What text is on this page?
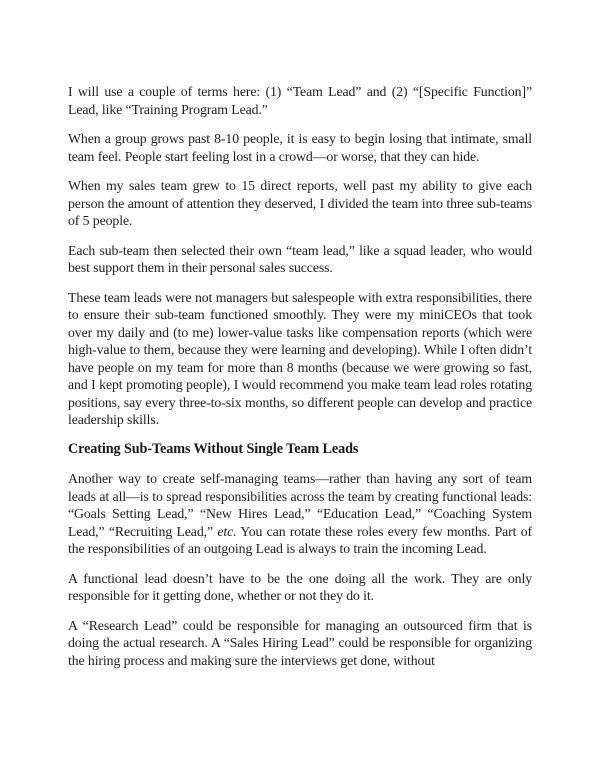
I will use a couple of terms here: (1) “Team Lead” and (2) “[Specific Function]” Lead, like “Training Program Lead.”

When a group grows past 8-10 people, it is easy to begin losing that intimate, small team feel. People start feeling lost in a crowd—or worse, that they can hide.

When my sales team grew to 15 direct reports, well past my ability to give each person the amount of attention they deserved, I divided the team into three sub-teams of 5 people.

Each sub-team then selected their own “team lead,” like a squad leader, who would best support them in their personal sales success.

These team leads were not managers but salespeople with extra responsibilities, there to ensure their sub-team functioned smoothly. They were my miniCEOs that took over my daily and (to me) lower-value tasks like compensation reports (which were high-value to them, because they were learning and developing). While I often didn’t have people on my team for more than 8 months (because we were growing so fast, and I kept promoting people), I would recommend you make team lead roles rotating positions, say every three-to-six months, so different people can develop and practice leadership skills.

Creating Sub-Teams Without Single Team Leads

Another way to create self-managing teams—rather than having any sort of team leads at all—is to spread responsibilities across the team by creating functional leads: “Goals Setting Lead,” “New Hires Lead,” “Education Lead,” “Coaching System Lead,” “Recruiting Lead,” etc. You can rotate these roles every few months. Part of the responsibilities of an outgoing Lead is always to train the incoming Lead.

A functional lead doesn’t have to be the one doing all the work. They are only responsible for it getting done, whether or not they do it.

A “Research Lead” could be responsible for managing an outsourced firm that is doing the actual research. A “Sales Hiring Lead” could be responsible for organizing the hiring process and making sure the interviews get done, without
